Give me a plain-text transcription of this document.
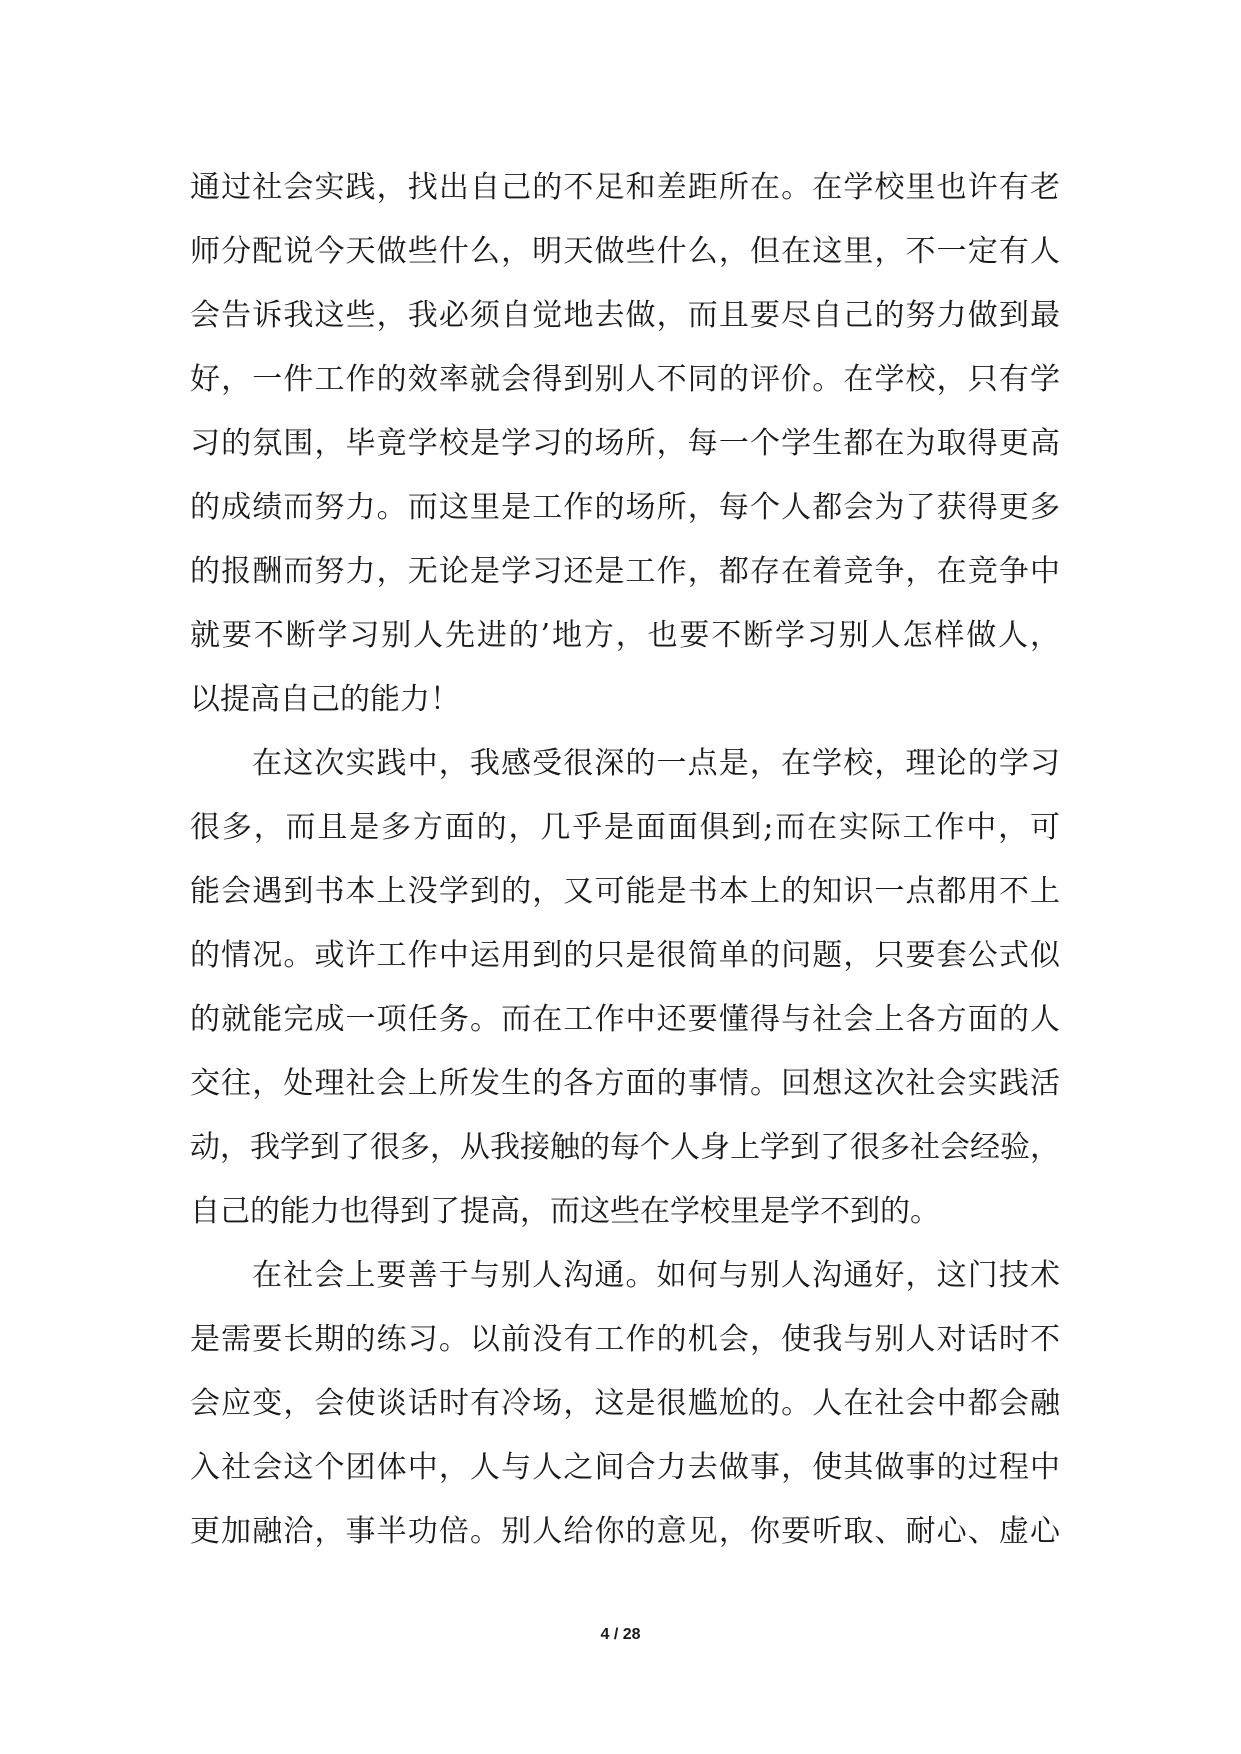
通过社会实践，找出自己的不足和差距所在。在学校里也许有老
师分配说今天做些什么，明天做些什么，但在这里，不一定有人
会告诉我这些，我必须自觉地去做，而且要尽自己的努力做到最
好，一件工作的效率就会得到别人不同的评价。在学校，只有学
习的氛围，毕竟学校是学习的场所，每一个学生都在为取得更高
的成绩而努力。而这里是工作的场所，每个人都会为了获得更多
的报酬而努力，无论是学习还是工作，都存在着竞争，在竞争中
就要不断学习别人先进的’地方，也要不断学习别人怎样做人，
以提高自己的能力！
在这次实践中，我感受很深的一点是，在学校，理论的学习
很多，而且是多方面的，几乎是面面俱到;而在实际工作中，可
能会遇到书本上没学到的，又可能是书本上的知识一点都用不上
的情况。或许工作中运用到的只是很简单的问题，只要套公式似
的就能完成一项任务。而在工作中还要懂得与社会上各方面的人
交往，处理社会上所发生的各方面的事情。回想这次社会实践活
动，我学到了很多，从我接触的每个人身上学到了很多社会经验，
自己的能力也得到了提高，而这些在学校里是学不到的。
在社会上要善于与别人沟通。如何与别人沟通好，这门技术
是需要长期的练习。以前没有工作的机会，使我与别人对话时不
会应变，会使谈话时有冷场，这是很尴尬的。人在社会中都会融
入社会这个团体中，人与人之间合力去做事，使其做事的过程中
更加融洽，事半功倍。别人给你的意见，你要听取、耐心、虚心
4 / 28
